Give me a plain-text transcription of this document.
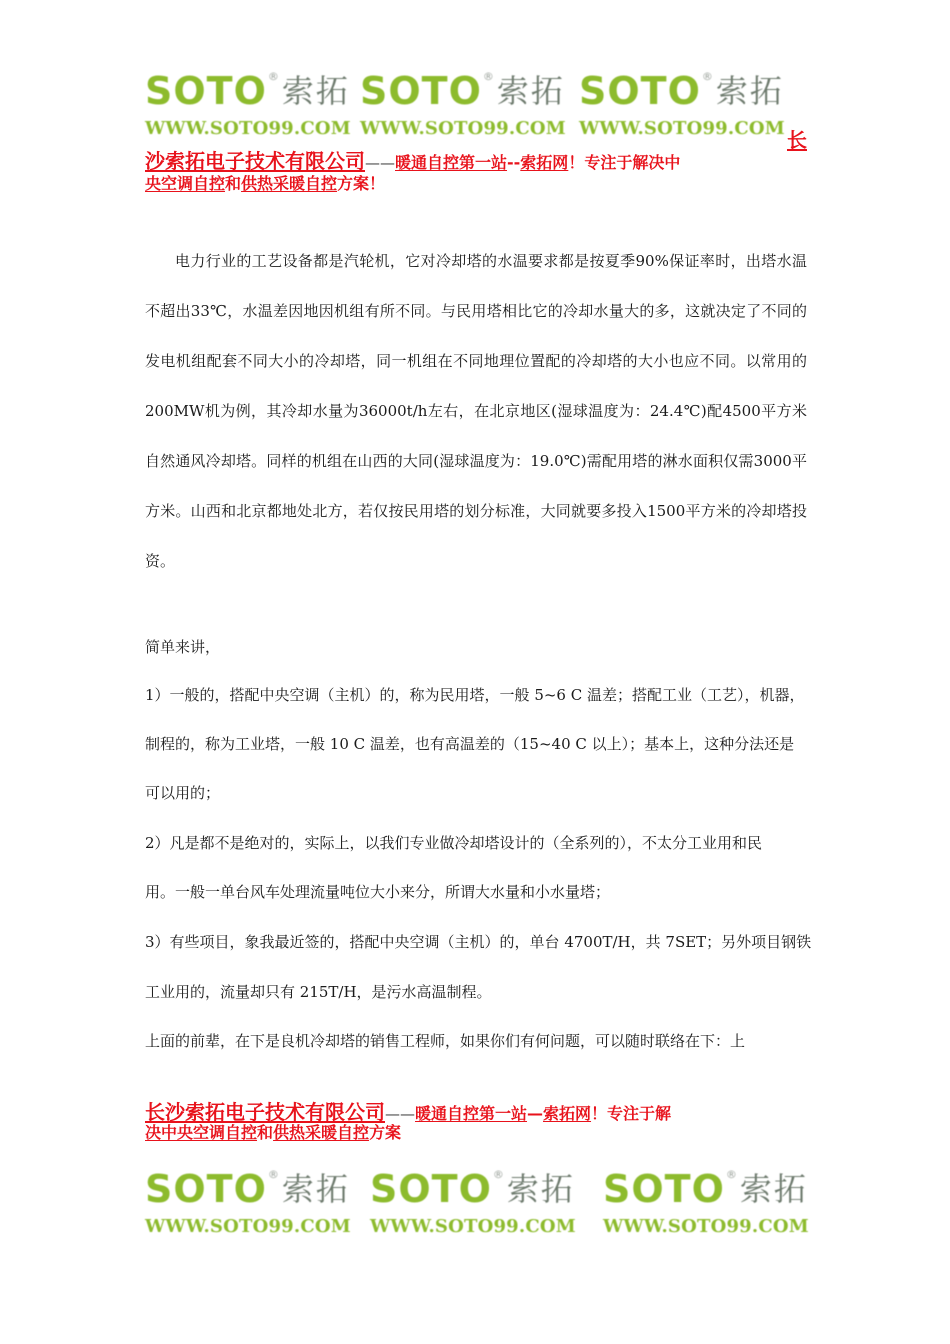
SOTO®索拓
WWW.SOTO99.COM
SOTO®索拓
WWW.SOTO99.COM
SOTO®索拓
WWW.SOTO99.COM 长
沙索拓电子技术有限公司——暖通自控第一站--索拓网！专注于解决中
央空调自控和供热采暖自控方案！
电力行业的工艺设备都是汽轮机，它对冷却塔的水温要求都是按夏季90%保证率时，出塔水温不超出33℃，水温差因地因机组有所不同。与民用塔相比它的冷却水量大的多，这就决定了不同的发电机组配套不同大小的冷却塔，同一机组在不同地理位置配的冷却塔的大小也应不同。以常用的200MW机为例，其冷却水量为36000t/h左右，在北京地区(湿球温度为：24.4℃)配4500平方米自然通风冷却塔。同样的机组在山西的大同(湿球温度为：19.0℃)需配用塔的淋水面积仅需3000平方米。山西和北京都地处北方，若仅按民用塔的划分标准，大同就要多投入1500平方米的冷却塔投资。
简单来讲，
1）一般的，搭配中央空调（主机）的，称为民用塔，一般 5~6 C 温差；搭配工业（工艺），机器，
制程的，称为工业塔，一般 10 C 温差，也有高温差的（15~40 C 以上）；基本上，这种分法还是
可以用的；
2）凡是都不是绝对的，实际上，以我们专业做冷却塔设计的（全系列的），不太分工业用和民
用。一般一单台风车处理流量吨位大小来分，所谓大水量和小水量塔；
3）有些项目，象我最近签的，搭配中央空调（主机）的，单台 4700T/H，共 7SET；另外项目钢铁
工业用的，流量却只有 215T/H，是污水高温制程。
上面的前辈，在下是良机冷却塔的销售工程师，如果你们有何问题，可以随时联络在下：上
长沙索拓电子技术有限公司——暖通自控第一站—索拓网！专注于解
决中央空调自控和供热采暖自控方案
SOTO®索拓
WWW.SOTO99.COM
SOTO®索拓
WWW.SOTO99.COM
SOTO®索拓
WWW.SOTO99.COM
